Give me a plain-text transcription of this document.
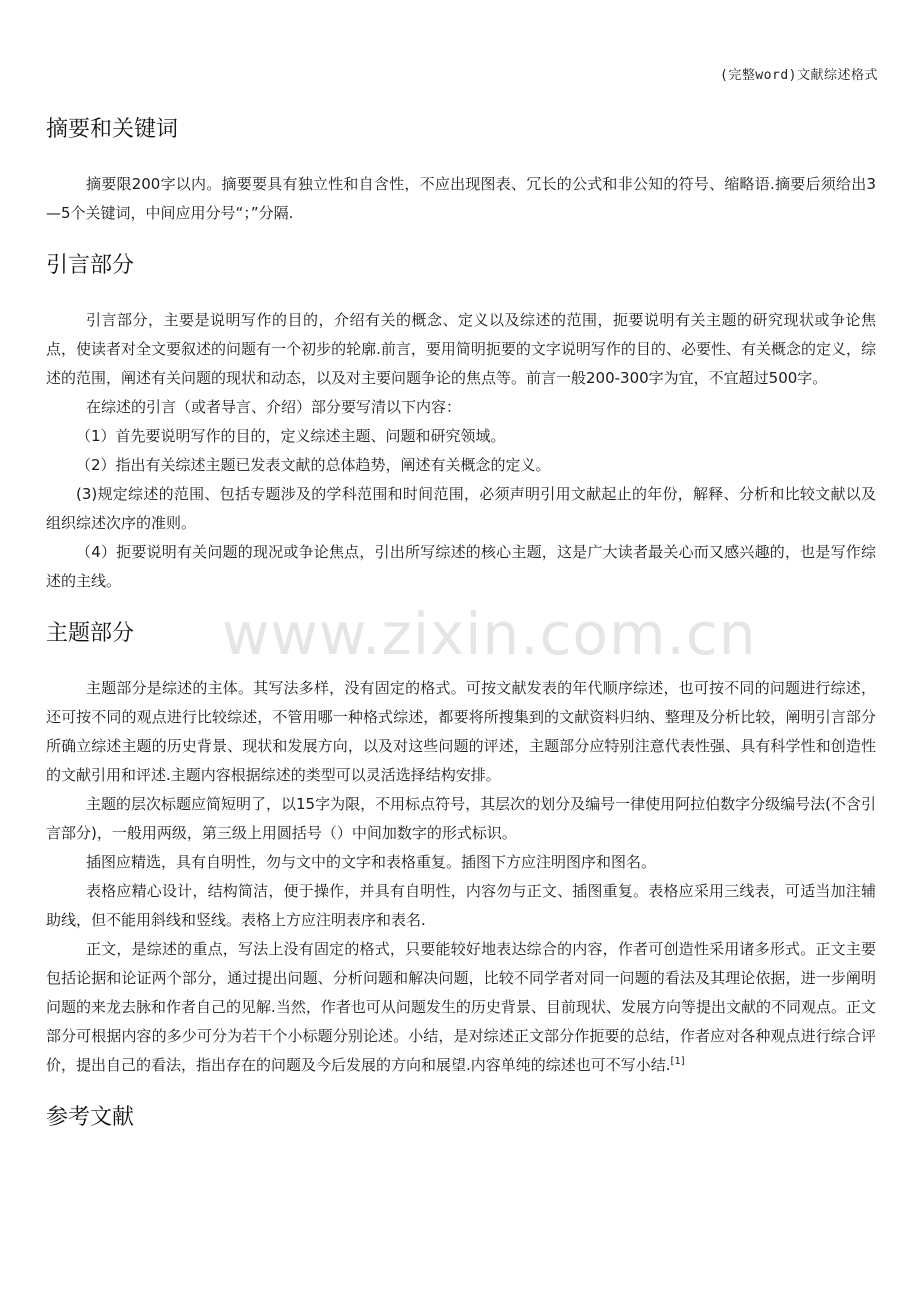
(完整word)文献综述格式
www.zixin.com.cn
摘要和关键词

摘要限200字以内。摘要要具有独立性和自含性，不应出现图表、冗长的公式和非公知的符号、缩略语.摘要后须给出3—5个关键词，中间应用分号“；”分隔.

引言部分

引言部分，主要是说明写作的目的，介绍有关的概念、定义以及综述的范围，扼要说明有关主题的研究现状或争论焦点，使读者对全文要叙述的问题有一个初步的轮廓.前言，要用简明扼要的文字说明写作的目的、必要性、有关概念的定义，综述的范围，阐述有关问题的现状和动态，以及对主要问题争论的焦点等。前言一般200-300字为宜，不宜超过500字。

在综述的引言（或者导言、介绍）部分要写清以下内容：

（1）首先要说明写作的目的，定义综述主题、问题和研究领域。

（2）指出有关综述主题已发表文献的总体趋势，阐述有关概念的定义。

(3)规定综述的范围、包括专题涉及的学科范围和时间范围，必须声明引用文献起止的年份，解释、分析和比较文献以及组织综述次序的准则。

（4）扼要说明有关问题的现况或争论焦点，引出所写综述的核心主题，这是广大读者最关心而又感兴趣的，也是写作综述的主线。

主题部分

主题部分是综述的主体。其写法多样，没有固定的格式。可按文献发表的年代顺序综述，也可按不同的问题进行综述，还可按不同的观点进行比较综述，不管用哪一种格式综述，都要将所搜集到的文献资料归纳、整理及分析比较，阐明引言部分所确立综述主题的历史背景、现状和发展方向，以及对这些问题的评述，主题部分应特别注意代表性强、具有科学性和创造性的文献引用和评述.主题内容根据综述的类型可以灵活选择结构安排。

主题的层次标题应简短明了，以15字为限，不用标点符号，其层次的划分及编号一律使用阿拉伯数字分级编号法(不含引言部分)，一般用两级，第三级上用圆括号（）中间加数字的形式标识。

插图应精选，具有自明性，勿与文中的文字和表格重复。插图下方应注明图序和图名。

表格应精心设计，结构简洁，便于操作，并具有自明性，内容勿与正文、插图重复。表格应采用三线表，可适当加注辅助线，但不能用斜线和竖线。表格上方应注明表序和表名.

正文，是综述的重点，写法上没有固定的格式，只要能较好地表达综合的内容，作者可创造性采用诸多形式。正文主要包括论据和论证两个部分，通过提出问题、分析问题和解决问题，比较不同学者对同一问题的看法及其理论依据，进一步阐明问题的来龙去脉和作者自己的见解.当然，作者也可从问题发生的历史背景、目前现状、发展方向等提出文献的不同观点。正文部分可根据内容的多少可分为若干个小标题分别论述。小结，是对综述正文部分作扼要的总结，作者应对各种观点进行综合评价，提出自己的看法，指出存在的问题及今后发展的方向和展望.内容单纯的综述也可不写小结.[1]

参考文献
